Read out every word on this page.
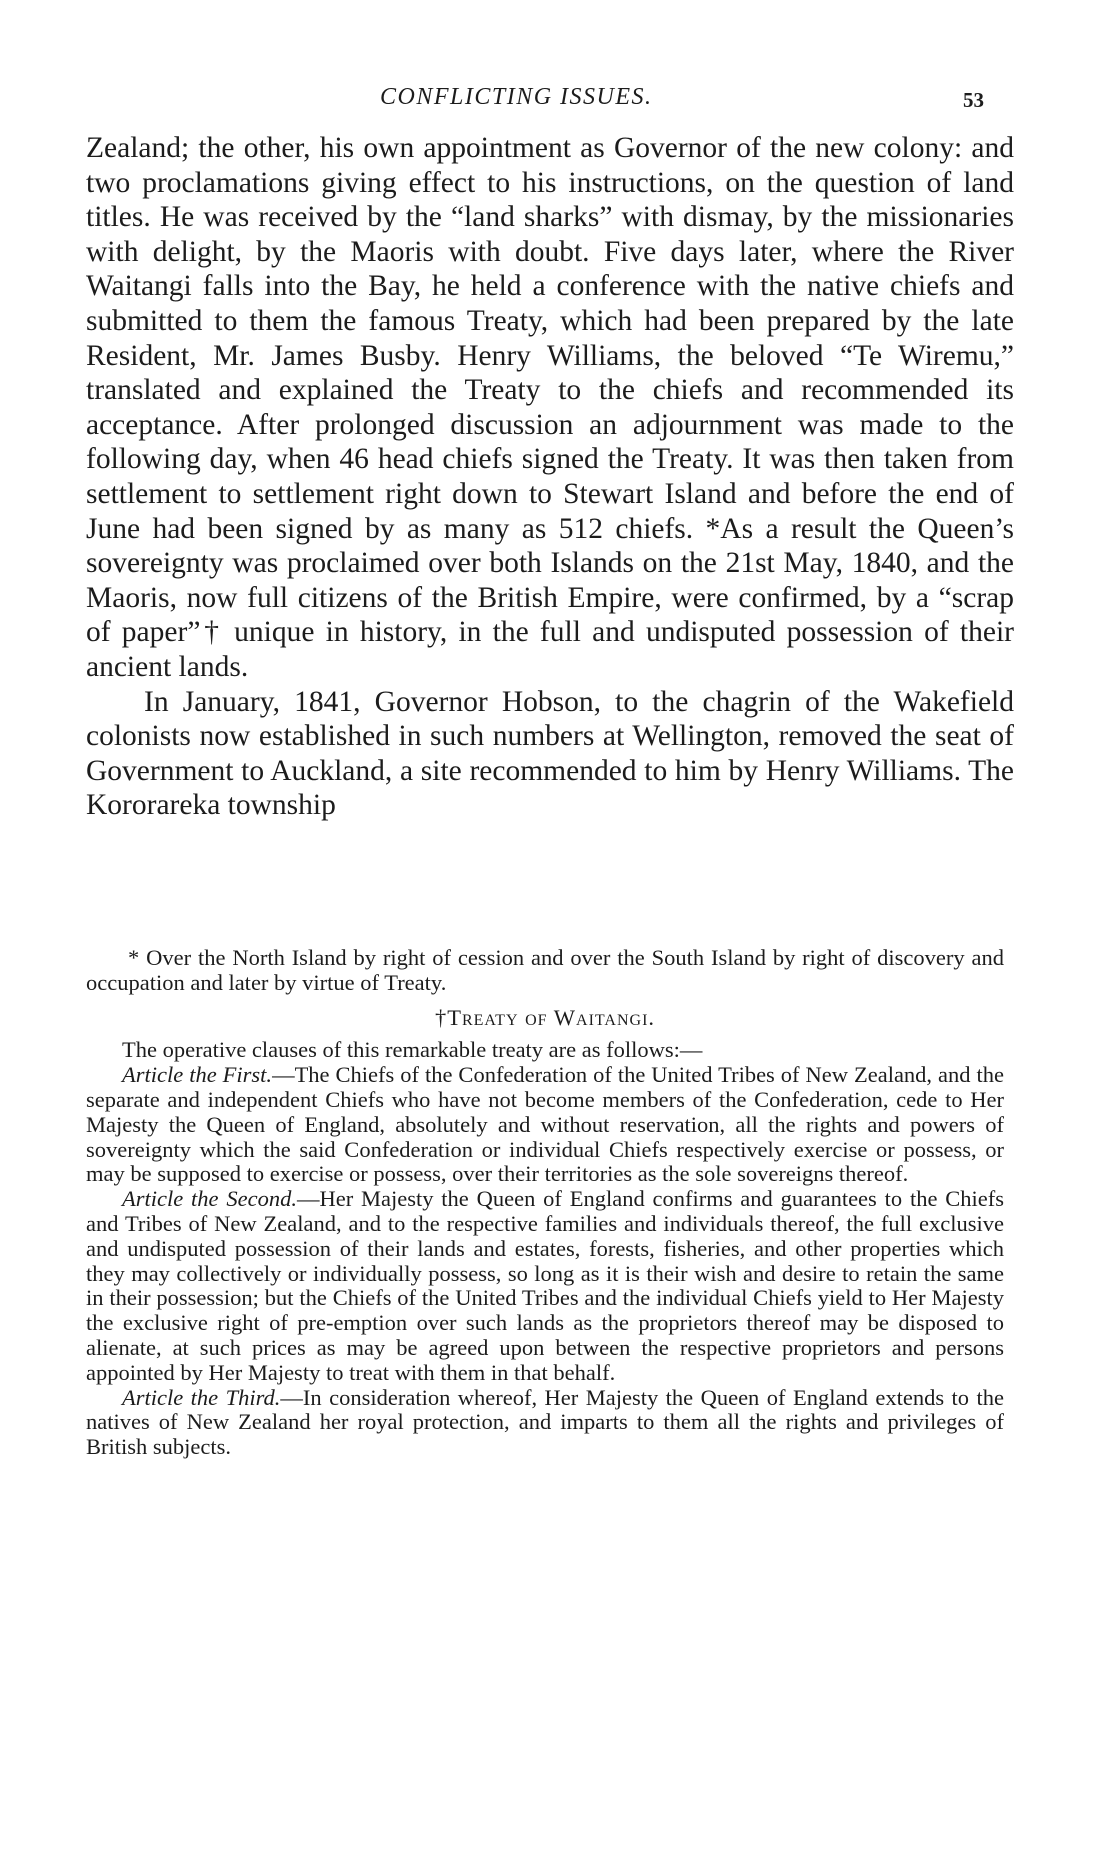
CONFLICTING ISSUES.	53

Zealand; the other, his own appointment as Governor of the new colony: and two proclamations giving effect to his instructions, on the question of land titles. He was received by the “land sharks” with dismay, by the missionaries with delight, by the Maoris with doubt. Five days later, where the River Waitangi falls into the Bay, he held a conference with the native chiefs and submitted to them the famous Treaty, which had been prepared by the late Resident, Mr. James Busby. Henry Williams, the beloved “Te Wiremu,” translated and explained the Treaty to the chiefs and recommended its acceptance. After prolonged discussion an adjournment was made to the following day, when 46 head chiefs signed the Treaty. It was then taken from settlement to settlement right down to Stewart Island and before the end of June had been signed by as many as 512 chiefs. *As a result the Queen’s sovereignty was proclaimed over both Islands on the 21st May, 1840, and the Maoris, now full citizens of the British Empire, were confirmed, by a “scrap of paper”† unique in history, in the full and undisputed possession of their ancient lands.

In January, 1841, Governor Hobson, to the chagrin of the Wakefield colonists now established in such numbers at Wellington, removed the seat of Government to Auckland, a site recommended to him by Henry Williams. The Kororareka township

* Over the North Island by right of cession and over the South Island by right of discovery and occupation and later by virtue of Treaty.

†Treaty of Waitangi.

The operative clauses of this remarkable treaty are as follows:—

Article the First.—The Chiefs of the Confederation of the United Tribes of New Zealand, and the separate and independent Chiefs who have not become members of the Confederation, cede to Her Majesty the Queen of England, absolutely and without reservation, all the rights and powers of sovereignty which the said Confederation or individual Chiefs respectively exercise or possess, or may be supposed to exercise or possess, over their territories as the sole sovereigns thereof.

Article the Second.—Her Majesty the Queen of England confirms and guarantees to the Chiefs and Tribes of New Zealand, and to the respective families and individuals thereof, the full exclusive and undisputed possession of their lands and estates, forests, fisheries, and other properties which they may collectively or individually possess, so long as it is their wish and desire to retain the same in their possession; but the Chiefs of the United Tribes and the individual Chiefs yield to Her Majesty the exclusive right of pre-emption over such lands as the proprietors thereof may be disposed to alienate, at such prices as may be agreed upon between the respective proprietors and persons appointed by Her Majesty to treat with them in that behalf.

Article the Third.—In consideration whereof, Her Majesty the Queen of England extends to the natives of New Zealand her royal protection, and imparts to them all the rights and privileges of British subjects.
